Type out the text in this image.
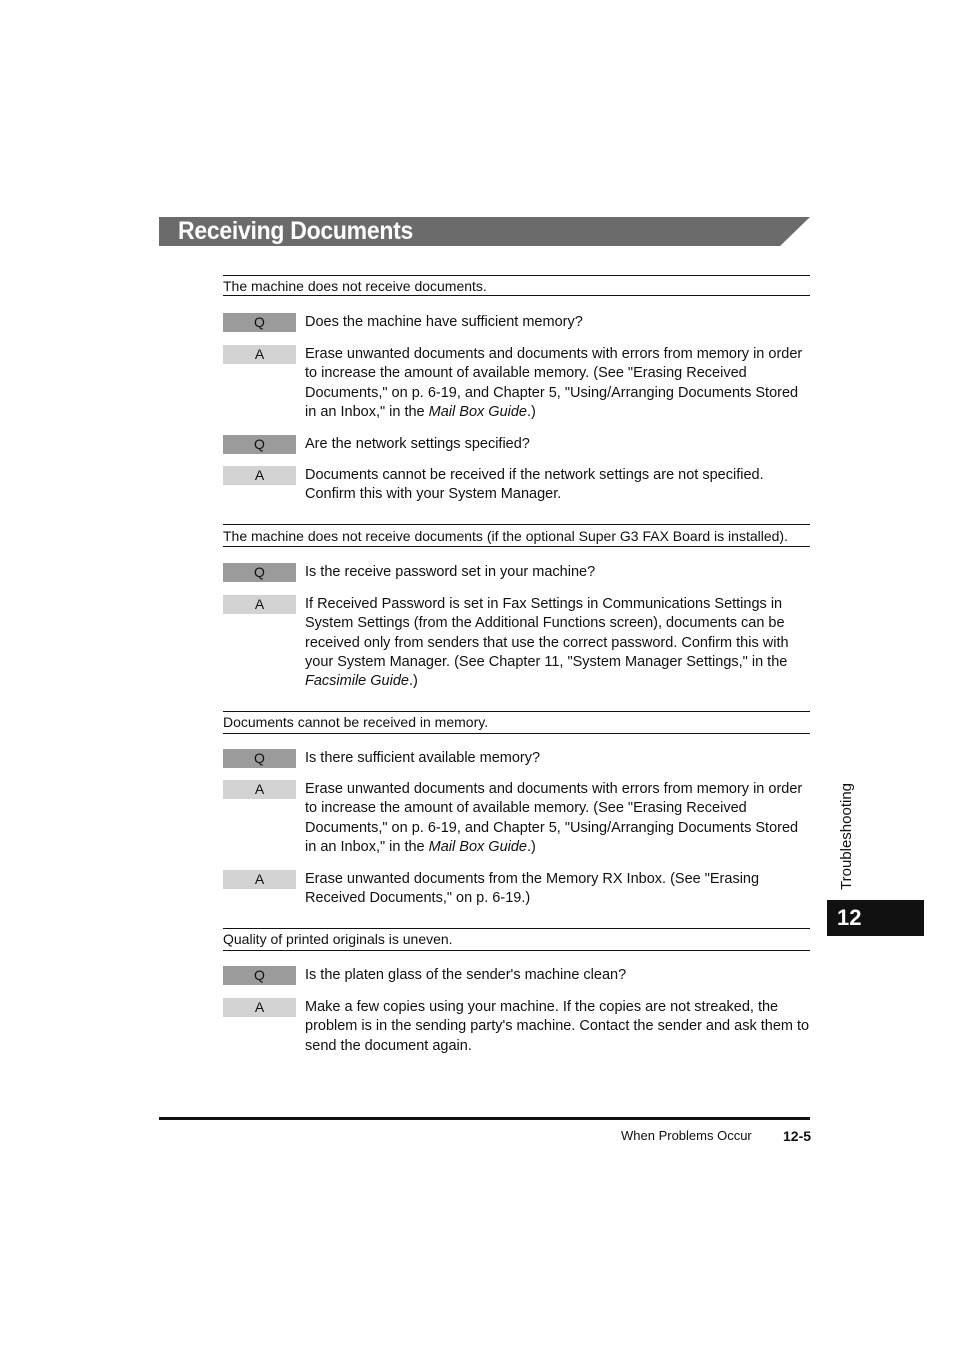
Receiving Documents
The machine does not receive documents.
Q	Does the machine have sufficient memory?
A	Erase unwanted documents and documents with errors from memory in order to increase the amount of available memory. (See "Erasing Received Documents," on p. 6-19, and Chapter 5, "Using/Arranging Documents Stored in an Inbox," in the Mail Box Guide.)
Q	Are the network settings specified?
A	Documents cannot be received if the network settings are not specified. Confirm this with your System Manager.
The machine does not receive documents (if the optional Super G3 FAX Board is installed).
Q	Is the receive password set in your machine?
A	If Received Password is set in Fax Settings in Communications Settings in System Settings (from the Additional Functions screen), documents can be received only from senders that use the correct password. Confirm this with your System Manager. (See Chapter 11, "System Manager Settings," in the Facsimile Guide.)
Documents cannot be received in memory.
Q	Is there sufficient available memory?
A	Erase unwanted documents and documents with errors from memory in order to increase the amount of available memory. (See "Erasing Received Documents," on p. 6-19, and Chapter 5, "Using/Arranging Documents Stored in an Inbox," in the Mail Box Guide.)
A	Erase unwanted documents from the Memory RX Inbox. (See "Erasing Received Documents," on p. 6-19.)
Quality of printed originals is uneven.
Q	Is the platen glass of the sender's machine clean?
A	Make a few copies using your machine. If the copies are not streaked, the problem is in the sending party's machine. Contact the sender and ask them to send the document again.
Troubleshooting
12
When Problems Occur 12-5
